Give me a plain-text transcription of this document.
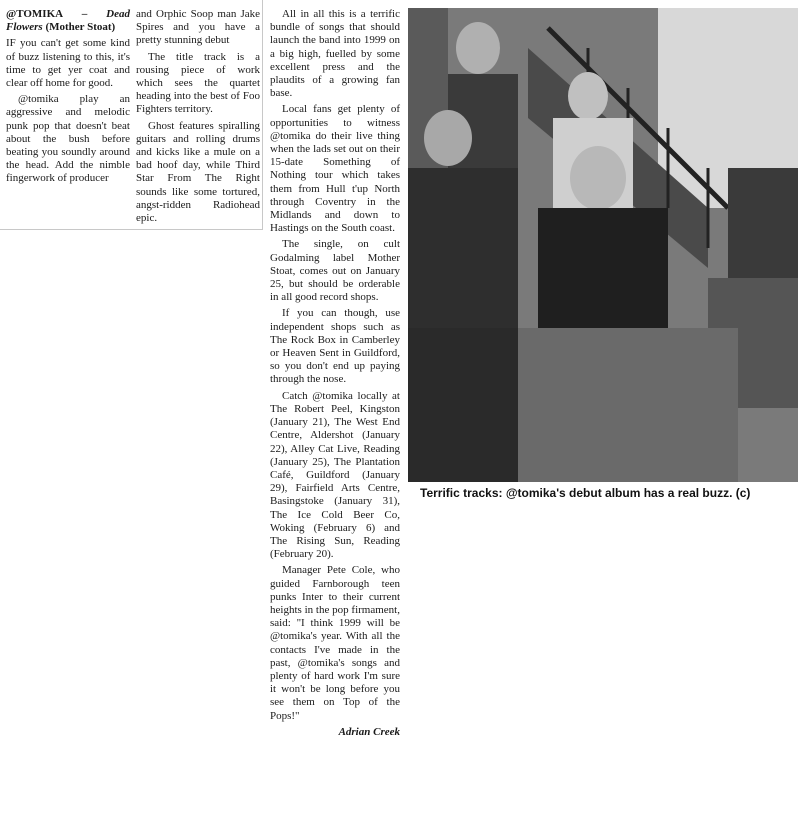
@TOMIKA – Dead Flowers (Mother Stoat)

IF you can't get some kind of buzz listening to this, it's time to get yer coat and clear off home for good.

@tomika play an aggressive and melodic punk pop that doesn't beat about the bush before beating you soundly around the head. Add the nimble fingerwork of producer

and Orphic Soop man Jake Spires and you have a pretty stunning debut

The title track is a rousing piece of work which sees the quartet heading into the best of Foo Fighters territory.

Ghost features spiralling guitars and rolling drums and kicks like a mule on a bad hoof day, while Third Star From The Right sounds like some tortured, angst-ridden Radiohead epic.

All in all this is a terrific bundle of songs that should launch the band into 1999 on a big high, fuelled by some excellent press and the plaudits of a growing fan base.

Local fans get plenty of opportunities to witness @tomika do their live thing when the lads set out on their 15-date Something of Nothing tour which takes them from Hull t'up North through Coventry in the Midlands and down to Hastings on the South coast.

The single, on cult Godalming label Mother Stoat, comes out on January 25, but should be orderable in all good record shops.

If you can though, use independent shops such as The Rock Box in Camberley or Heaven Sent in Guildford, so you don't end up paying through the nose.

Catch @tomika locally at The Robert Peel, Kingston (January 21), The West End Centre, Aldershot (January 22), Alley Cat Live, Reading (January 25), The Plantation Café, Guildford (January 29), Fairfield Arts Centre, Basingstoke (January 31), The Ice Cold Beer Co, Woking (February 6) and The Rising Sun, Reading (February 20).

Manager Pete Cole, who guided Farnborough teen punks Inter to their current heights in the pop firmament, said: "I think 1999 will be @tomika's year. With all the contacts I've made in the past, @tomika's songs and plenty of hard work I'm sure it won't be long before you see them on Top of the Pops!"

Adrian Creek
Terrific tracks: @tomika's debut album has a real buzz. (c)
